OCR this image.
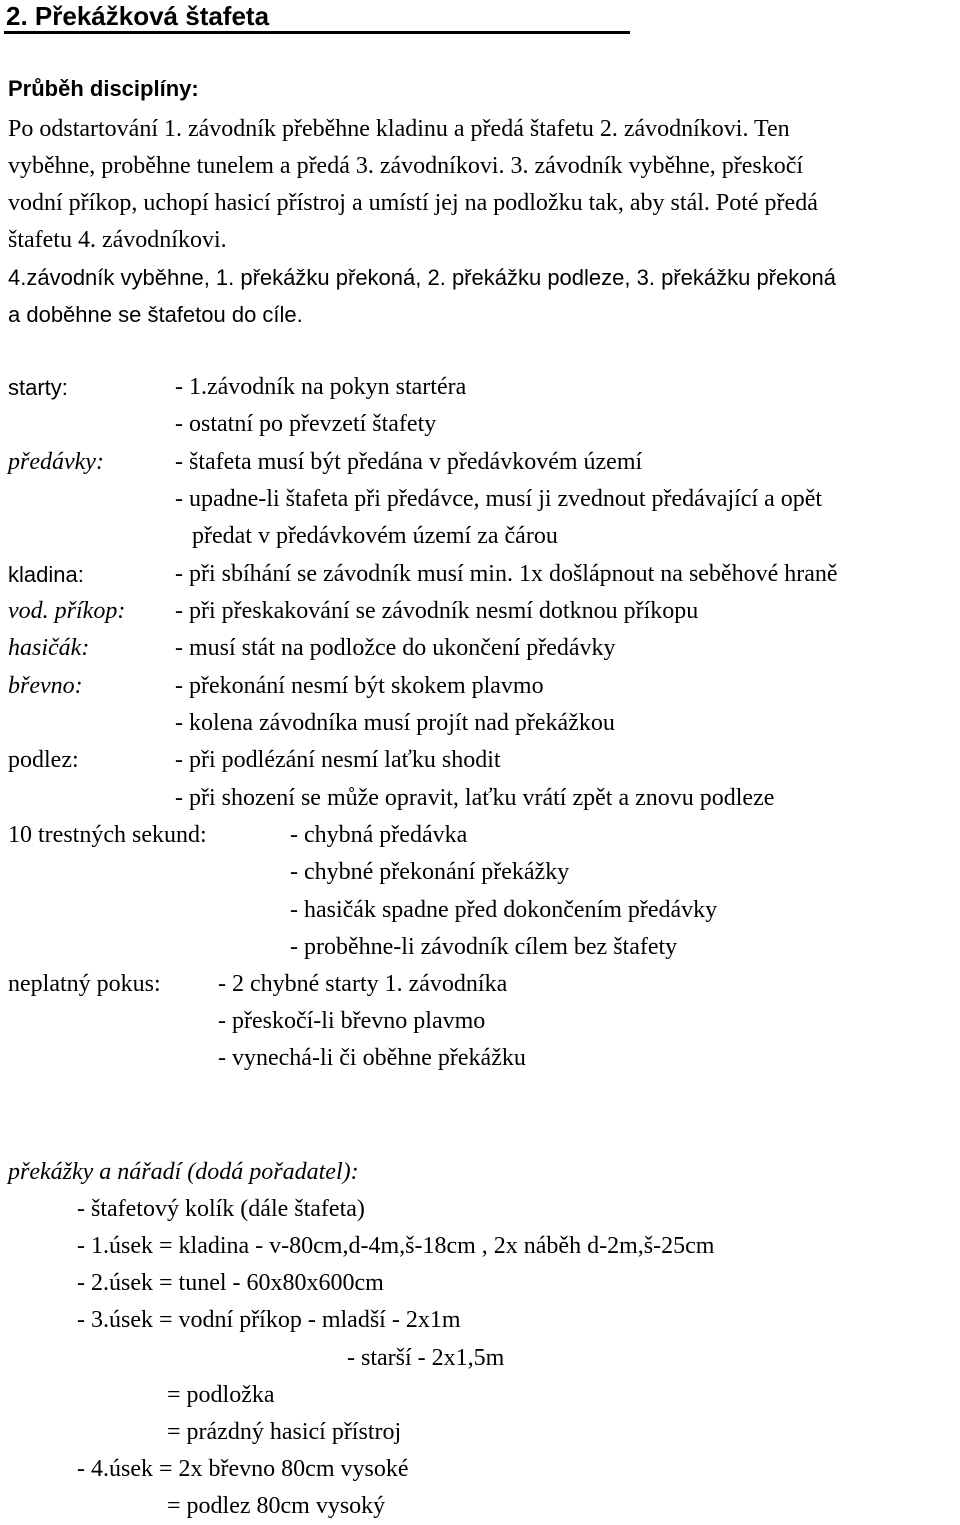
2. Překážková štafeta
Průběh disciplíny:
Po odstartování 1. závodník přeběhne kladinu a předá štafetu 2. závodníkovi. Ten
vyběhne, proběhne tunelem a předá 3. závodníkovi. 3. závodník vyběhne, přeskočí
vodní příkop, uchopí hasicí přístroj a umístí jej na podložku tak, aby stál. Poté předá
štafetu 4. závodníkovi.
4.závodník vyběhne, 1. překážku překoná, 2. překážku podleze, 3. překážku překoná
a doběhne se štafetou do cíle.
starty:	- 1.závodník na pokyn startéra
- ostatní po převzetí štafety
předávky:	- štafeta musí být předána v předávkovém území
- upadne-li štafeta při předávce, musí ji zvednout předávající a opět
předat v předávkovém území za čárou
kladina:	- při sbíhání se závodník musí min. 1x došlápnout na seběhové hraně
vod. příkop: - při přeskakování se závodník nesmí dotknou příkopu
hasičák:	- musí stát na podložce do ukončení předávky
břevno:	- překonání nesmí být skokem plavmo
- kolena závodníka musí projít nad překážkou
podlez:	- při podlézání nesmí laťku shodit
- při shození se může opravit, laťku vrátí zpět a znovu podleze
10 trestných sekund:	- chybná předávka
- chybné překonání překážky
- hasičák spadne před dokončením předávky
- proběhne-li závodník cílem bez štafety
neplatný pokus: - 2 chybné starty 1. závodníka
- přeskočí-li břevno plavmo
- vynechá-li či oběhne překážku
překážky a nářadí (dodá pořadatel):
- štafetový kolík (dále štafeta)
- 1.úsek = kladina - v-80cm,d-4m,š-18cm , 2x náběh d-2m,š-25cm
- 2.úsek = tunel - 60x80x600cm
- 3.úsek = vodní příkop - mladší - 2x1m
- starší - 2x1,5m
= podložka
= prázdný hasicí přístroj
- 4.úsek = 2x břevno 80cm vysoké
= podlez 80cm vysoký
